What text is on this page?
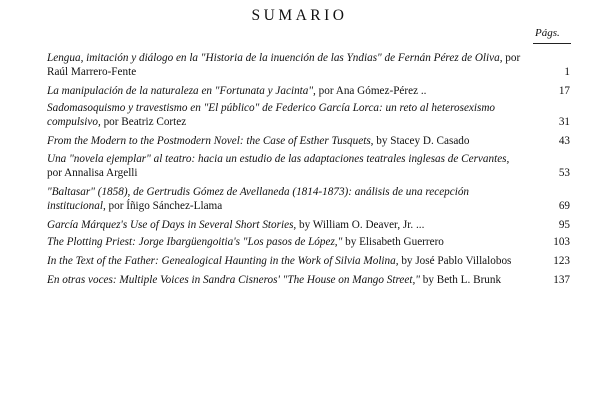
SUMARIO
Págs.
Lengua, imitación y diálogo en la "Historia de la inuención de las Yndias" de Fernán Pérez de Oliva, por Raúl Marrero-Fente	1
La manipulación de la naturaleza en "Fortunata y Jacinta", por Ana Gómez-Pérez ..	17
Sadomasoquismo y travestismo en "El público" de Federico García Lorca: un reto al heterosexismo compulsivo, por Beatriz Cortez	31
From the Modern to the Postmodern Novel: the Case of Esther Tusquets, by Stacey D. Casado	43
Una "novela ejemplar" al teatro: hacia un estudio de las adaptaciones teatrales inglesas de Cervantes, por Annalisa Argelli	53
"Baltasar" (1858), de Gertrudis Gómez de Avellaneda (1814-1873): análisis de una recepción institucional, por Íñigo Sánchez-Llama	69
García Márquez's Use of Days in Several Short Stories, by William O. Deaver, Jr. ...	95
The Plotting Priest: Jorge Ibargüengoitia's "Los pasos de López," by Elisabeth Guerrero	103
In the Text of the Father: Genealogical Haunting in the Work of Silvia Molina, by José Pablo Villalobos	123
En otras voces: Multiple Voices in Sandra Cisneros' "The House on Mango Street," by Beth L. Brunk	137
